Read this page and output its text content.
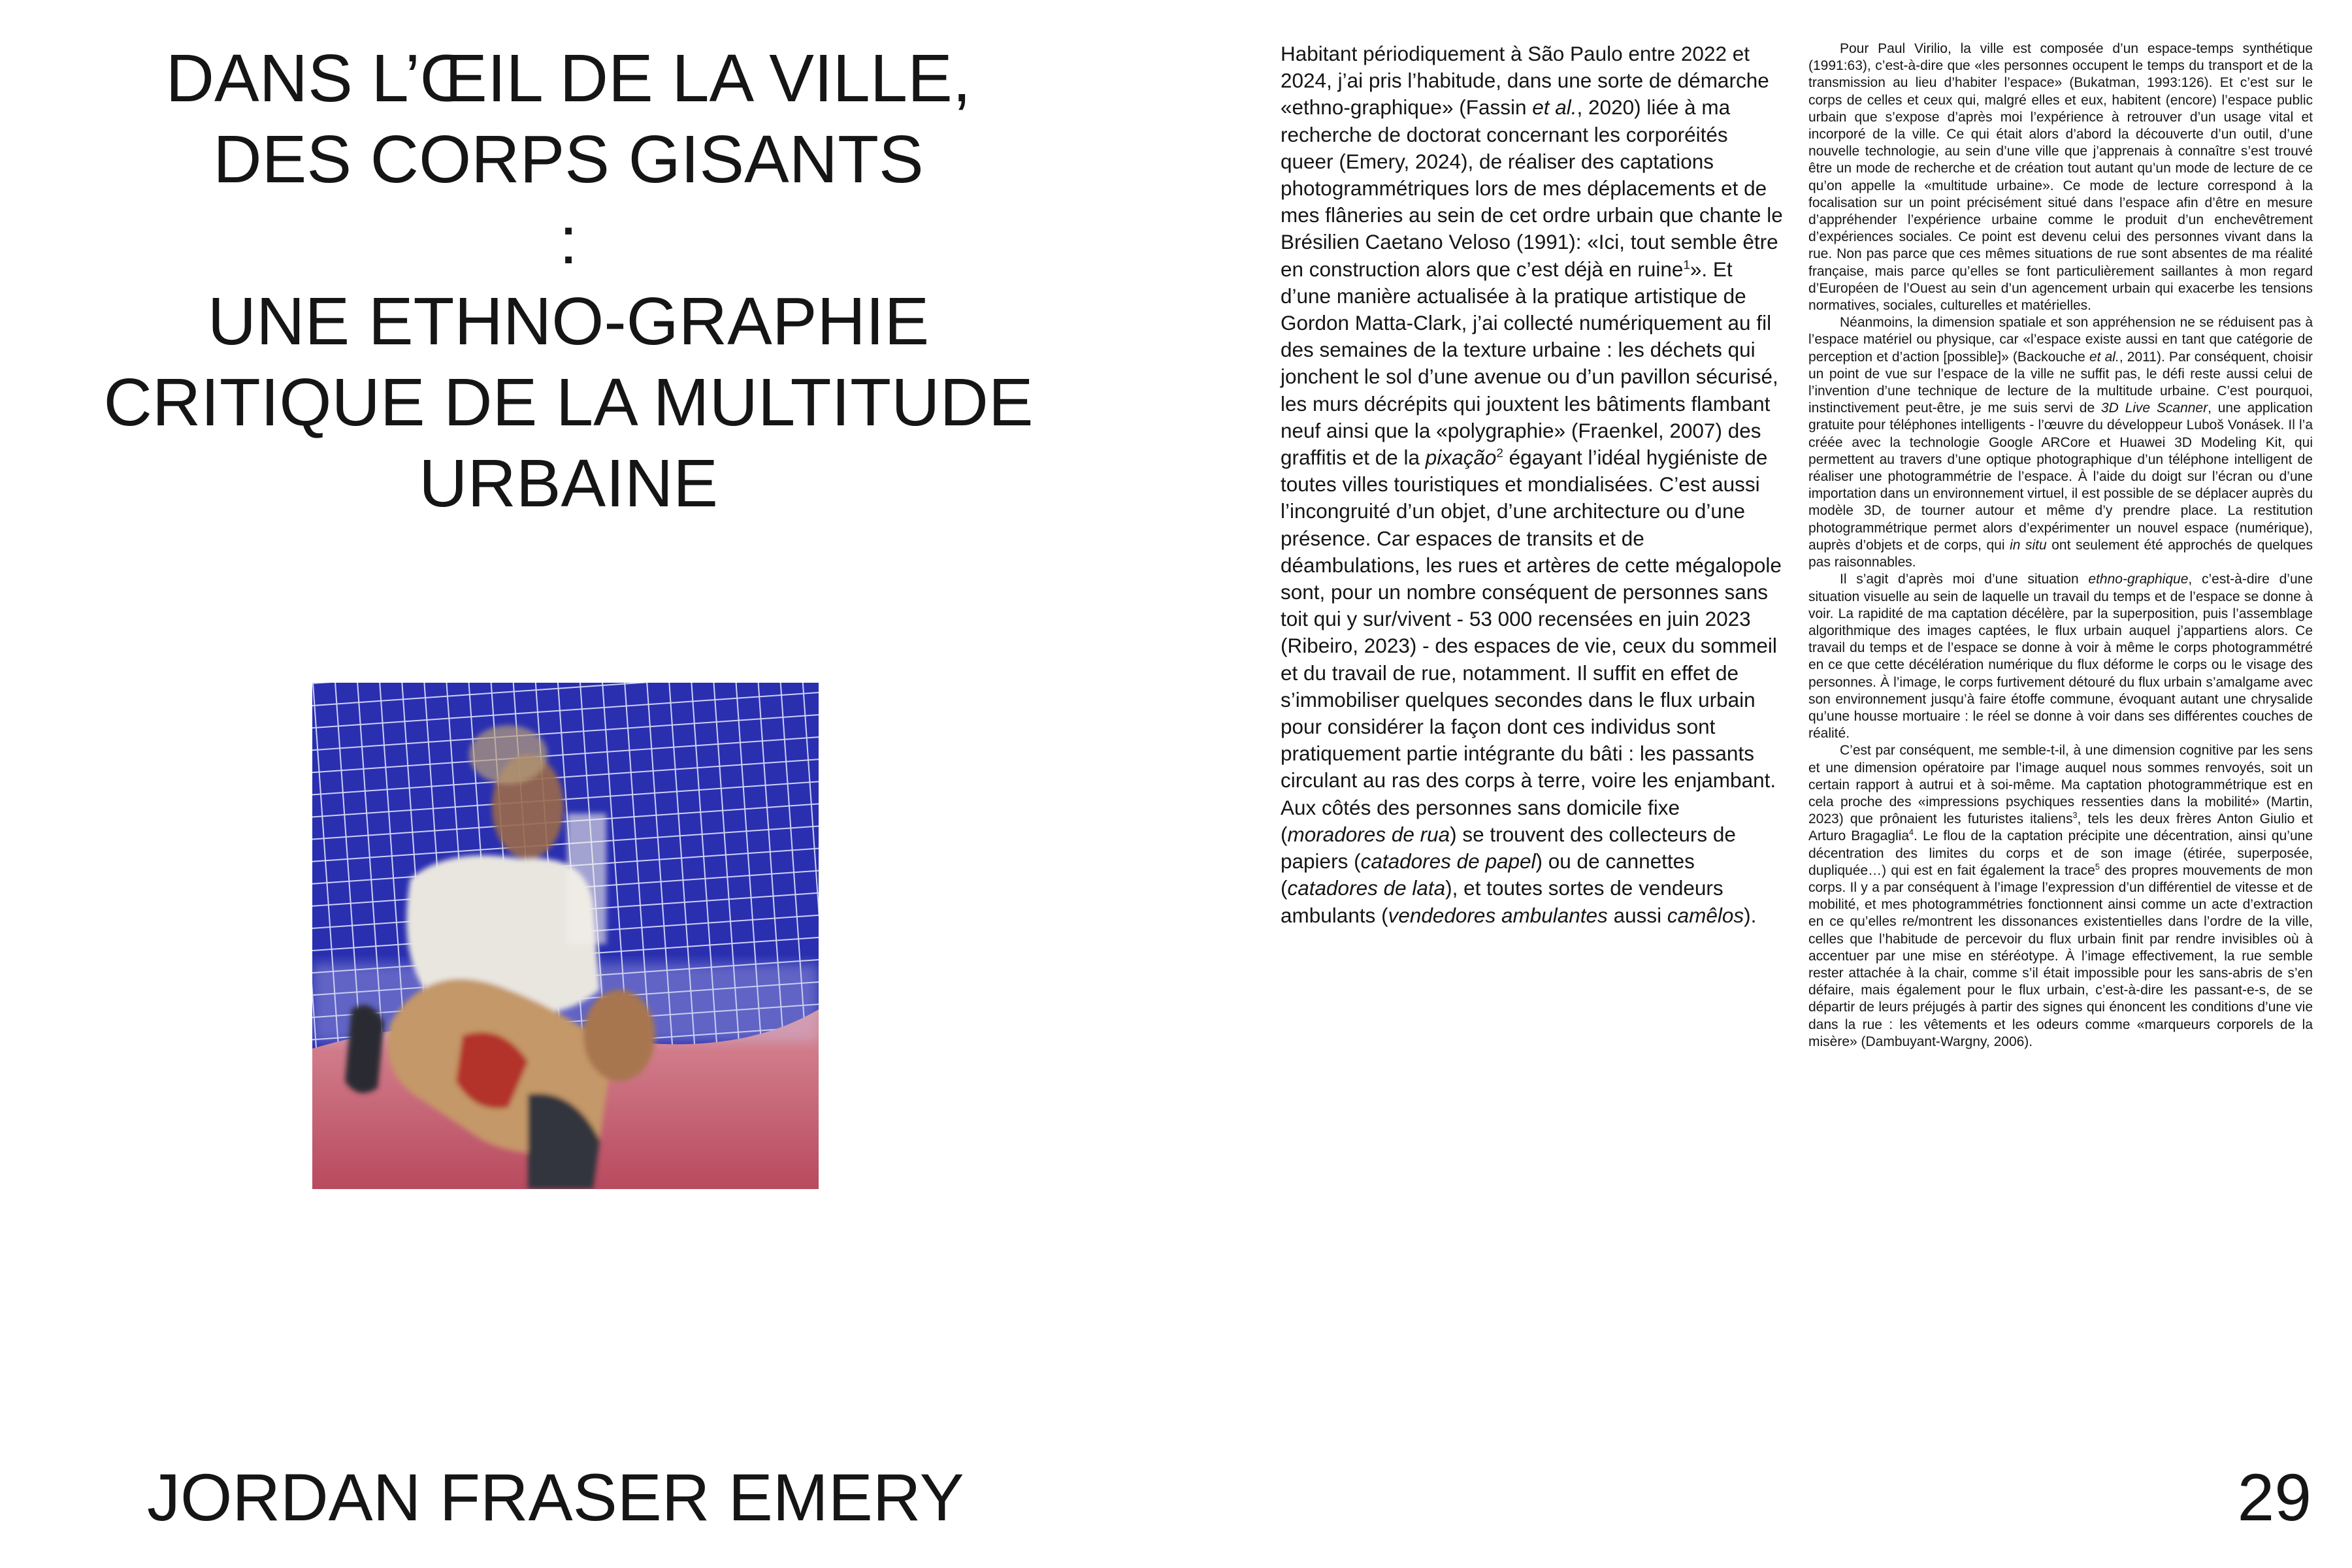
DANS L’ŒIL DE LA VILLE,
DES CORPS GISANTS
:
UNE ETHNO-GRAPHIE
CRITIQUE DE LA MULTITUDE
URBAINE

Habitant périodiquement à São Paulo entre 2022 et 2024, j’ai pris l’habitude, dans une sorte de démarche «ethno-graphique» (Fassin et al., 2020) liée à ma recherche de doctorat concernant les corporéités queer (Emery, 2024), de réaliser des captations photogrammétriques lors de mes déplacements et de mes flâneries au sein de cet ordre urbain que chante le Brésilien Caetano Veloso (1991): «Ici, tout semble être en construction alors que c’est déjà en ruine$^1$». Et d’une manière actualisée à la pratique artistique de Gordon Matta-Clark, j’ai collecté numériquement au fil des semaines de la texture urbaine : les déchets qui jonchent le sol d’une avenue ou d’un pavillon sécurisé, les murs décrépits qui jouxtent les bâtiments flambant neuf ainsi que la «polygraphie» (Fraenkel, 2007) des graffitis et de la pixação$^2$ égayant l’idéal hygiéniste de toutes villes touristiques et mondialisées. C’est aussi l’incongruité d’un objet, d’une architecture ou d’une présence. Car espaces de transits et de déambulations, les rues et artères de cette mégalopole sont, pour un nombre conséquent de personnes sans toit qui y sur/vivent - 53 000 recensées en juin 2023 (Ribeiro, 2023) - des espaces de vie, ceux du sommeil et du travail de rue, notamment. Il suffit en effet de s’immobiliser quelques secondes dans le flux urbain pour considérer la façon dont ces individus sont pratiquement partie intégrante du bâti : les passants circulant au ras des corps à terre, voire les enjambant. Aux côtés des personnes sans domicile fixe (moradores de rua) se trouvent des collecteurs de papiers (catadores de papel) ou de cannettes (catadores de lata), et toutes sortes de vendeurs ambulants (vendedores ambulantes aussi camêlos).

Pour Paul Virilio, la ville est composée d’un espace-temps synthétique (1991:63), c’est-à-dire que «les personnes occupent le temps du transport et de la transmission au lieu d’habiter l’espace» (Bukatman, 1993:126). Et c’est sur le corps de celles et ceux qui, malgré elles et eux, habitent (encore) l’espace public urbain que s’expose d’après moi l’expérience à retrouver d’un usage vital et incorporé de la ville. Ce qui était alors d’abord la découverte d’un outil, d’une nouvelle technologie, au sein d’une ville que j’apprenais à connaître s’est trouvé être un mode de recherche et de création tout autant qu’un mode de lecture de ce qu’on appelle la «multitude urbaine». Ce mode de lecture correspond à la focalisation sur un point précisément situé dans l’espace afin d’être en mesure d’appréhender l’expérience urbaine comme le produit d’un enchevêtrement d’expériences sociales. Ce point est devenu celui des personnes vivant dans la rue. Non pas parce que ces mêmes situations de rue sont absentes de ma réalité française, mais parce qu’elles se font particulièrement saillantes à mon regard d’Européen de l’Ouest au sein d’un agencement urbain qui exacerbe les tensions normatives, sociales, culturelles et matérielles.

Néanmoins, la dimension spatiale et son appréhension ne se réduisent pas à l’espace matériel ou physique, car «l’espace existe aussi en tant que catégorie de perception et d’action [possible]» (Backouche et al., 2011). Par conséquent, choisir un point de vue sur l’espace de la ville ne suffit pas, le défi reste aussi celui de l’invention d’une technique de lecture de la multitude urbaine. C’est pourquoi, instinctivement peut-être, je me suis servi de 3D Live Scanner, une application gratuite pour téléphones intelligents - l’œuvre du développeur Luboš Vonásek. Il l’a créée avec la technologie Google ARCore et Huawei 3D Modeling Kit, qui permettent au travers d’une optique photographique d’un téléphone intelligent de réaliser une photogrammétrie de l’espace. À l’aide du doigt sur l’écran ou d’une importation dans un environnement virtuel, il est possible de se déplacer auprès du modèle 3D, de tourner autour et même d’y prendre place. La restitution photogrammétrique permet alors d’expérimenter un nouvel espace (numérique), auprès d’objets et de corps, qui in situ ont seulement été approchés de quelques pas raisonnables.

Il s’agit d’après moi d’une situation ethno-graphique, c’est-à-dire d’une situation visuelle au sein de laquelle un travail du temps et de l’espace se donne à voir. La rapidité de ma captation décélère, par la superposition, puis l’assemblage algorithmique des images captées, le flux urbain auquel j’appartiens alors. Ce travail du temps et de l’espace se donne à voir à même le corps photogrammétré en ce que cette décélération numérique du flux déforme le corps ou le visage des personnes. À l’image, le corps furtivement détouré du flux urbain s’amalgame avec son environnement jusqu’à faire étoffe commune, évoquant autant une chrysalide qu’une housse mortuaire : le réel se donne à voir dans ses différentes couches de réalité.

C’est par conséquent, me semble-t-il, à une dimension cognitive par les sens et une dimension opératoire par l’image auquel nous sommes renvoyés, soit un certain rapport à autrui et à soi-même. Ma captation photogrammétrique est en cela proche des «impressions psychiques ressenties dans la mobilité» (Martin, 2023) que prônaient les futuristes italiens$^3$, tels les deux frères Anton Giulio et Arturo Bragaglia$^4$. Le flou de la captation précipite une décentration, ainsi qu’une décentration des limites du corps et de son image (étirée, superposée, dupliquée…) qui est en fait également la trace$^5$ des propres mouvements de mon corps. Il y a par conséquent à l’image l’expression d’un différentiel de vitesse et de mobilité, et mes photogrammétries fonctionnent ainsi comme un acte d’extraction en ce qu’elles re/montrent les dissonances existentielles dans l’ordre de la ville, celles que l’habitude de percevoir du flux urbain finit par rendre invisibles où à accentuer par une mise en stéréotype. À l’image effectivement, la rue semble rester attachée à la chair, comme s’il était impossible pour les sans-abris de s’en défaire, mais également pour le flux urbain, c’est-à-dire les passant-e-s, de se départir de leurs préjugés à partir des signes qui énoncent les conditions d’une vie dans la rue : les vêtements et les odeurs comme «marqueurs corporels de la misère» (Dambuyant-Wargny, 2006).

JORDAN FRASER EMERY	29
